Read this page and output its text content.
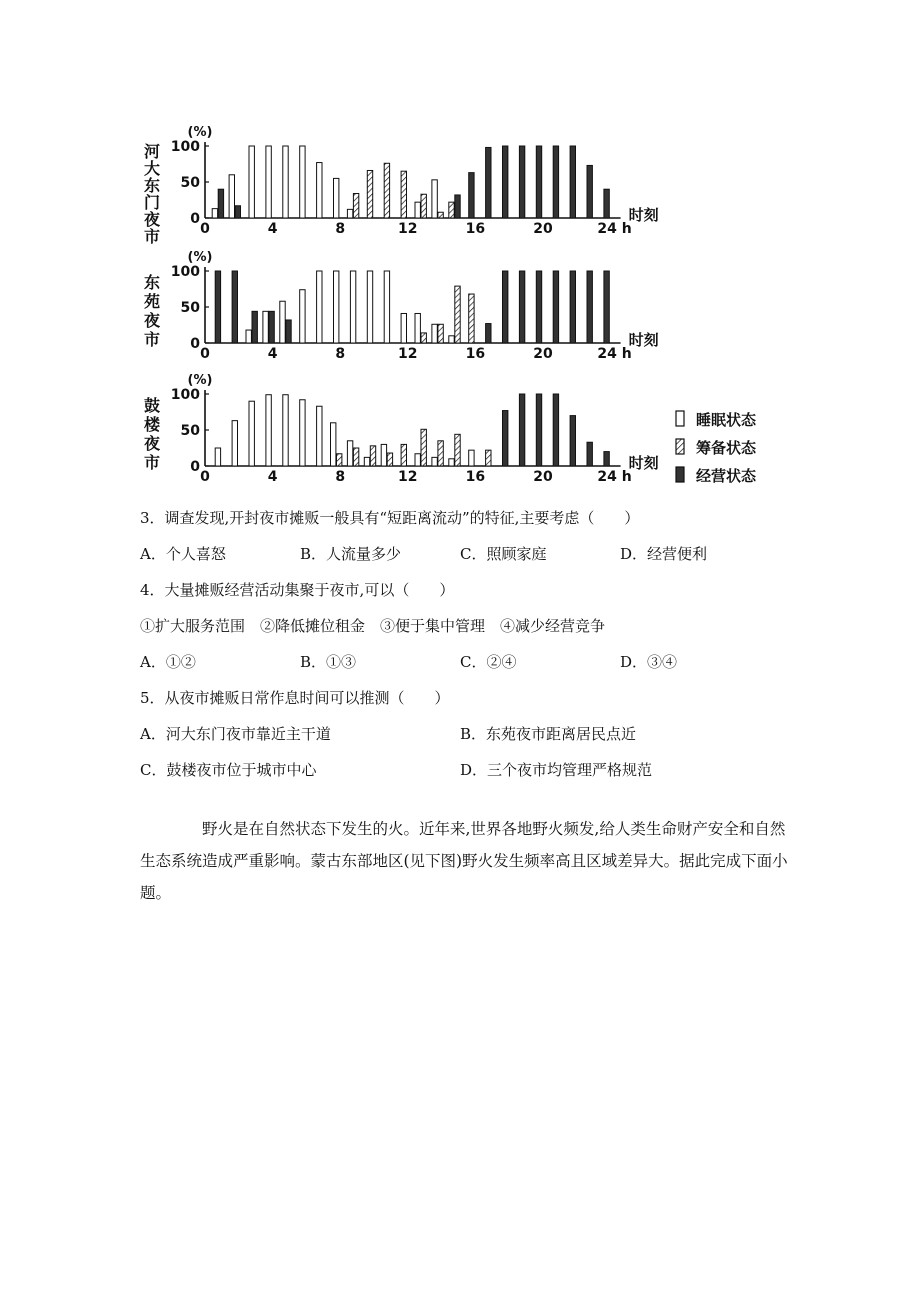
河
大
东
门
夜
市
(%)
0
50
100
0	4	8	12	16	20	24 h
时刻
东
苑
夜
市
(%)
0
50
100
0	4	8	12	16	20	24 h
时刻
鼓
楼
夜
市
(%)
0
50
100
0	4	8	12	16	20	24 h
时刻
睡眠状态
筹备状态
经营状态
3．调查发现,开封夜市摊贩一般具有“短距离流动”的特征,主要考虑（　　）
A．个人喜怒	B．人流量多少	C．照顾家庭	D．经营便利
4．大量摊贩经营活动集聚于夜市,可以（　　）
①扩大服务范围　②降低摊位租金　③便于集中管理　④减少经营竞争
A．①②	B．①③	C．②④	D．③④
5．从夜市摊贩日常作息时间可以推测（　　）
A．河大东门夜市靠近主干道	B．东苑夜市距离居民点近
C．鼓楼夜市位于城市中心	D．三个夜市均管理严格规范
野火是在自然状态下发生的火。近年来,世界各地野火频发,给人类生命财产安全和自然生态系统造成严重影响。蒙古东部地区(见下图)野火发生频率高且区域差异大。据此完成下面小题。
